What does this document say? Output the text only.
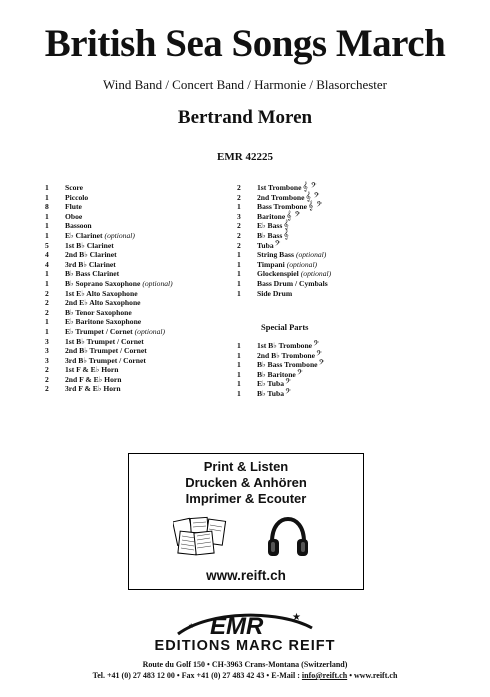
British Sea Songs March
Wind Band / Concert Band / Harmonie / Blasorchester
Bertrand Moren
EMR 42225
1	Score
1	Piccolo
8	Flute
1	Oboe
1	Bassoon
1	E♭ Clarinet (optional)
5	1st B♭ Clarinet
4	2nd B♭ Clarinet
4	3rd B♭ Clarinet
1	B♭ Bass Clarinet
1	B♭ Soprano Saxophone (optional)
2	1st E♭ Alto Saxophone
2	2nd E♭ Alto Saxophone
2	B♭ Tenor Saxophone
1	E♭ Baritone Saxophone
1	E♭ Trumpet / Cornet (optional)
3	1st B♭ Trumpet / Cornet
3	2nd B♭ Trumpet / Cornet
3	3rd B♭ Trumpet / Cornet
2	1st F & E♭ Horn
2	2nd F & E♭ Horn
2	3rd F & E♭ Horn
2	1st Trombone 𝄞 𝄢
2	2nd Trombone 𝄞 𝄢
1	Bass Trombone 𝄞 𝄢
3	Baritone 𝄞 𝄢
2	E♭ Bass 𝄞
2	B♭ Bass 𝄞
2	Tuba 𝄢
1	String Bass (optional)
1	Timpani (optional)
1	Glockenspiel (optional)
1	Bass Drum / Cymbals
1	Side Drum
Special Parts
1	1st B♭ Trombone 𝄢
1	2nd B♭ Trombone 𝄢
1	B♭ Bass Trombone 𝄢
1	B♭ Baritone 𝄢
1	E♭ Tuba 𝄢
1	B♭ Tuba 𝄢
Print & Listen
Drucken & Anhören
Imprimer & Ecouter
www.reift.ch
EMR	★
★
EDITIONS MARC REIFT
Route du Golf 150 • CH-3963 Crans-Montana (Switzerland)
Tel. +41 (0) 27 483 12 00 • Fax +41 (0) 27 483 42 43 • E-Mail : info@reift.ch • www.reift.ch
